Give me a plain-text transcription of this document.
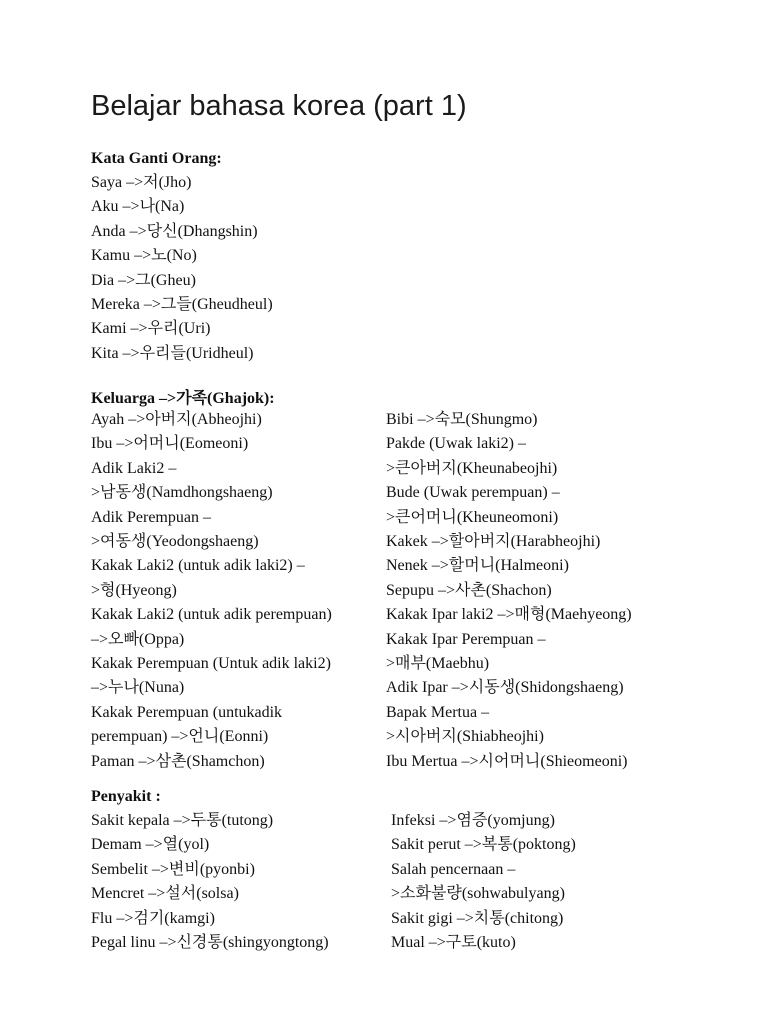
Belajar bahasa korea (part 1)
Kata Ganti Orang:
Saya –>저(Jho)
Aku –>나(Na)
Anda –>당신(Dhangshin)
Kamu –>노(No)
Dia –>그(Gheu)
Mereka –>그들(Gheudheul)
Kami –>우리(Uri)
Kita –>우리들(Uridheul)
Keluarga –>가족(Ghajok):
Ayah –>아버지(Abheojhi)
Ibu –>어머니(Eomeoni)
Adik Laki2 –
>남동생(Namdhongshaeng)
Adik Perempuan –
>여동생(Yeodongshaeng)
Kakak Laki2 (untuk adik laki2) –
>형(Hyeong)
Kakak Laki2 (untuk adik perempuan)
–>오빠(Oppa)
Kakak Perempuan (Untuk adik laki2)
–>누나(Nuna)
Kakak Perempuan (untukadik
perempuan) –>언니(Eonni)
Paman –>삼촌(Shamchon)
Bibi –>숙모(Shungmo)
Pakde (Uwak laki2) –
>큰아버지(Kheunabeojhi)
Bude (Uwak perempuan) –
>큰어머니(Kheuneomoni)
Kakek –>할아버지(Harabheojhi)
Nenek –>할머니(Halmeoni)
Sepupu –>사촌(Shachon)
Kakak Ipar laki2 –>매형(Maehyeong)
Kakak Ipar Perempuan –
>매부(Maebhu)
Adik Ipar –>시동생(Shidongshaeng)
Bapak Mertua –
>시아버지(Shiabheojhi)
Ibu Mertua –>시어머니(Shieomeoni)
Penyakit :
Sakit kepala –>두통(tutong)
Demam –>열(yol)
Sembelit –>변비(pyonbi)
Mencret –>설서(solsa)
Flu –>검기(kamgi)
Pegal linu –>신경통(shingyongtong)
Infeksi –>염증(yomjung)
Sakit perut –>복통(poktong)
Salah pencernaan –
>소화불량(sohwabulyang)
Sakit gigi –>치통(chitong)
Mual –>구토(kuto)
